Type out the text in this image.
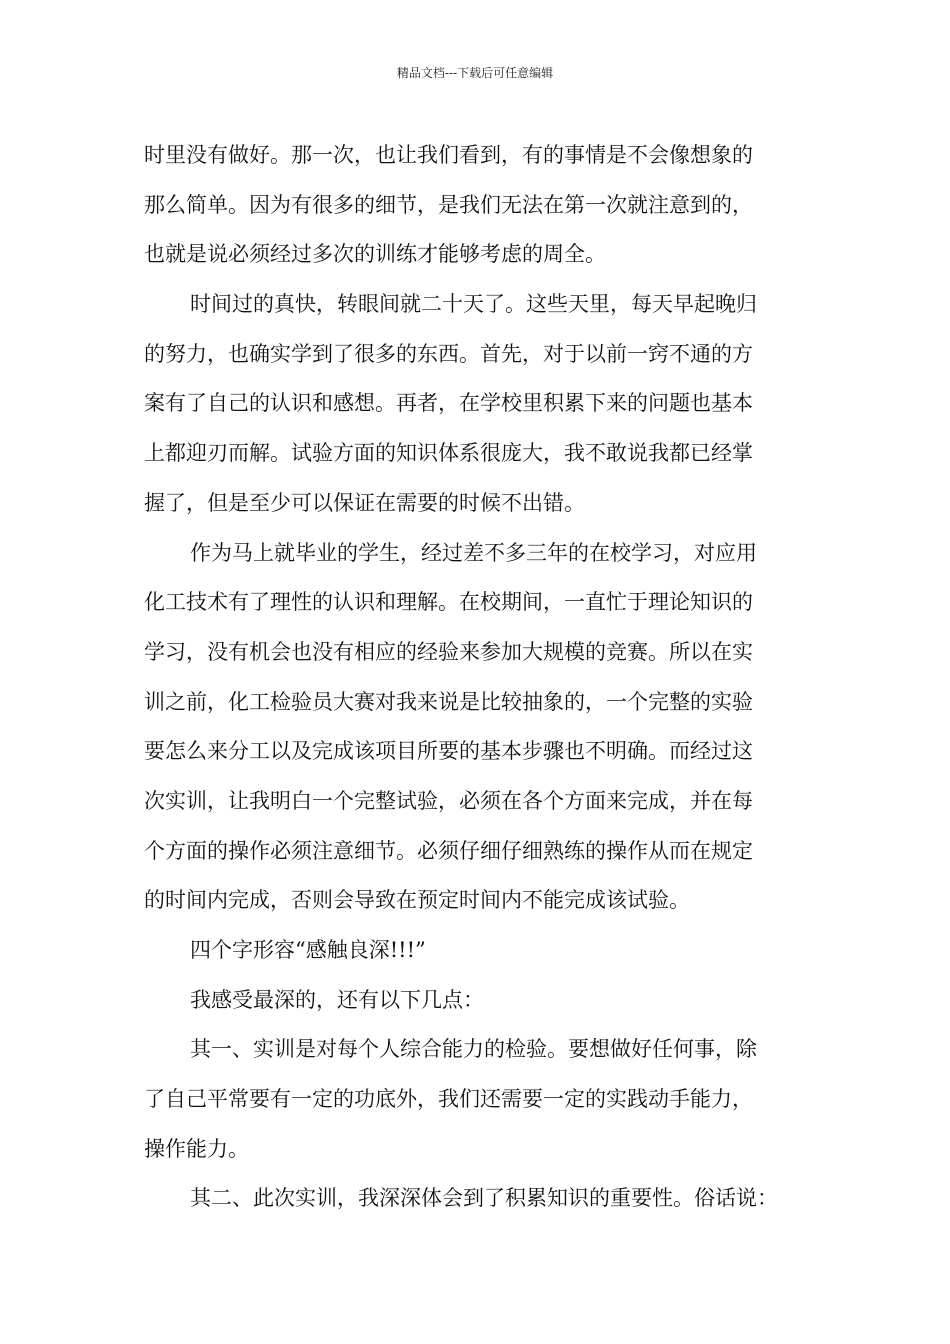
精品文档---下载后可任意编辑
时里没有做好。那一次，也让我们看到，有的事情是不会像想象的
那么简单。因为有很多的细节，是我们无法在第一次就注意到的，
也就是说必须经过多次的训练才能够考虑的周全。
时间过的真快，转眼间就二十天了。这些天里，每天早起晚归
的努力，也确实学到了很多的东西。首先，对于以前一窍不通的方
案有了自己的认识和感想。再者，在学校里积累下来的问题也基本
上都迎刃而解。试验方面的知识体系很庞大，我不敢说我都已经掌
握了，但是至少可以保证在需要的时候不出错。
作为马上就毕业的学生，经过差不多三年的在校学习，对应用
化工技术有了理性的认识和理解。在校期间，一直忙于理论知识的
学习，没有机会也没有相应的经验来参加大规模的竞赛。所以在实
训之前，化工检验员大赛对我来说是比较抽象的，一个完整的实验
要怎么来分工以及完成该项目所要的基本步骤也不明确。而经过这
次实训，让我明白一个完整试验，必须在各个方面来完成，并在每
个方面的操作必须注意细节。必须仔细仔细熟练的操作从而在规定
的时间内完成，否则会导致在预定时间内不能完成该试验。
四个字形容“感触良深!!!”
我感受最深的，还有以下几点：
其一、实训是对每个人综合能力的检验。要想做好任何事，除
了自己平常要有一定的功底外，我们还需要一定的实践动手能力，
操作能力。
其二、此次实训，我深深体会到了积累知识的重要性。俗话说：
